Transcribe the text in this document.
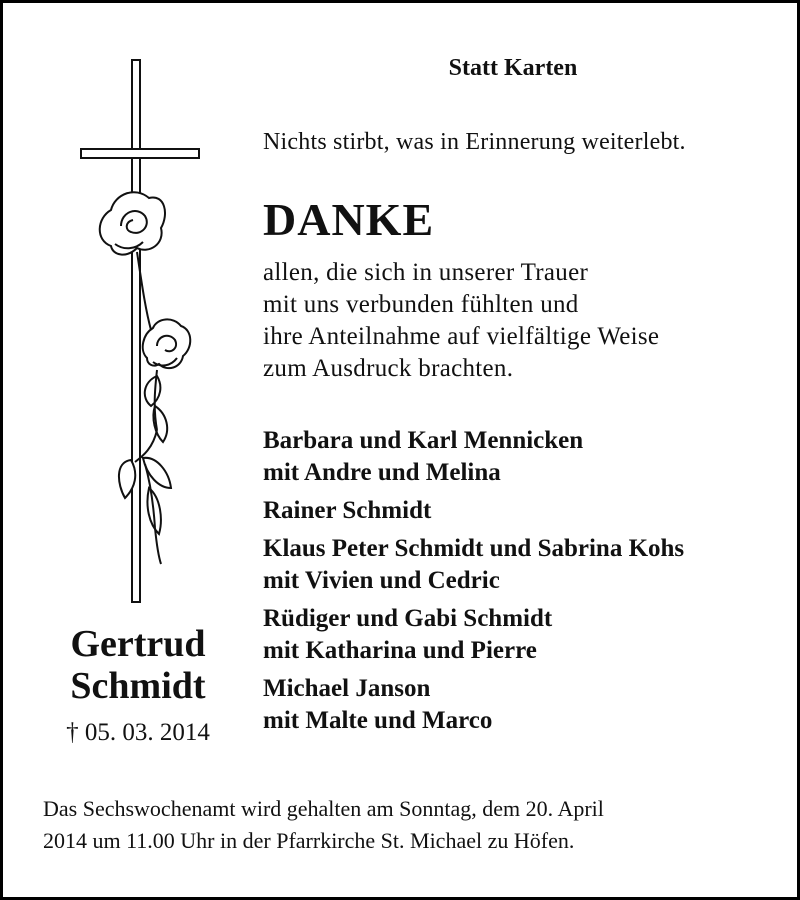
Statt Karten
Nichts stirbt, was in Erinnerung weiterlebt.
DANKE
allen, die sich in unserer Trauer
mit uns verbunden fühlten und
ihre Anteilnahme auf vielfältige Weise
zum Ausdruck brachten.
Barbara und Karl Mennicken
mit Andre und Melina
Rainer Schmidt
Klaus Peter Schmidt und Sabrina Kohs
mit Vivien und Cedric
Rüdiger und Gabi Schmidt
mit Katharina und Pierre
Michael Janson
mit Malte und Marco
Gertrud
Schmidt
† 05. 03. 2014
Das Sechswochenamt wird gehalten am Sonntag, dem 20. April
2014 um 11.00 Uhr in der Pfarrkirche St. Michael zu Höfen.
